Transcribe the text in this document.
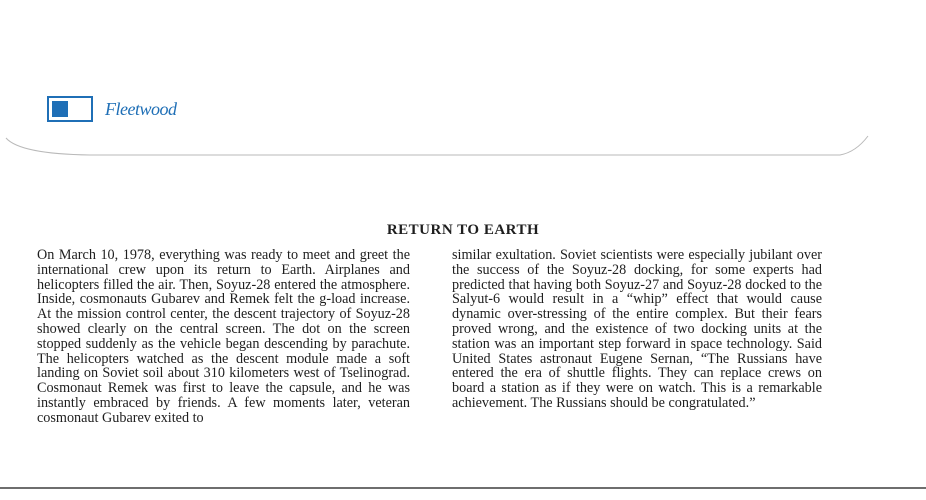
Fleetwood
RETURN TO EARTH

On March 10, 1978, everything was ready to meet and greet the international crew upon its return to Earth. Airplanes and helicopters filled the air. Then, Soyuz-28 entered the atmosphere. Inside, cosmonauts Gubarev and Remek felt the g-load increase. At the mission control center, the descent trajectory of Soyuz-28 showed clearly on the central screen. The dot on the screen stopped suddenly as the vehicle began descending by parachute. The helicopters watched as the descent module made a soft landing on Soviet soil about 310 kilometers west of Tselinograd. Cosmonaut Remek was first to leave the capsule, and he was instantly embraced by friends. A few moments later, veteran cosmonaut Gubarev exited to

similar exultation. Soviet scientists were especially jubilant over the success of the Soyuz-28 docking, for some experts had predicted that having both Soyuz-27 and Soyuz-28 docked to the Salyut-6 would result in a “whip” effect that would cause dynamic over-stressing of the entire complex. But their fears proved wrong, and the existence of two docking units at the station was an important step forward in space technology. Said United States astronaut Eugene Sernan, “The Russians have entered the era of shuttle flights. They can replace crews on board a station as if they were on watch. This is a remarkable achievement. The Russians should be congratulated.”
